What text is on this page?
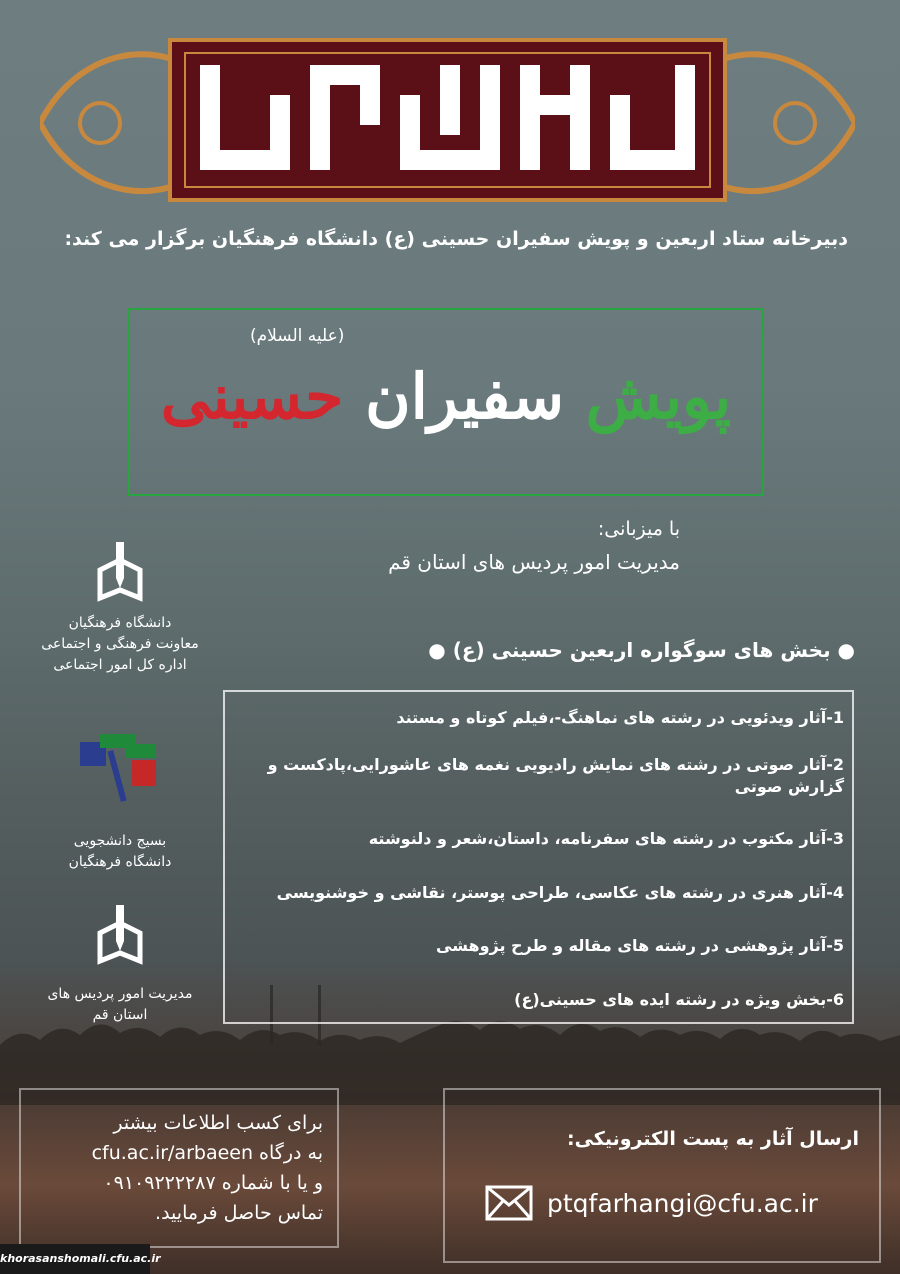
دبیرخانه ستاد اربعین و پویش سفیران حسینی (ع) دانشگاه فرهنگیان برگزار می کند:
(علیه السلام)
پویش سفیران حسینی
با میزبانی:
مدیریت امور پردیس های استان قم

دانشگاه فرهنگیان

معاونت فرهنگی و اجتماعی

اداره کل امور اجتماعی

بسیج دانشجویی

دانشگاه فرهنگیان

مدیریت امور پردیس های

استان قم

● بخش های سوگواره اربعین حسینی (ع) ●
1-آثار ویدئویی در رشته های نماهنگ-،فیلم کوتاه و مستند
2-آثار صوتی در رشته های نمایش رادیویی نغمه های عاشورایی،پادکست و گزارش صوتی
3-آثار مکتوب در رشته های سفرنامه، داستان،شعر و دلنوشته
4-آثار هنری در رشته های عکاسی، طراحی پوستر، نقاشی و خوشنویسی
5-آثار پژوهشی در رشته های مقاله و طرح پژوهشی
6-بخش ویژه در رشته ایده های حسینی(ع)

برای کسب اطلاعات بیشتر

به درگاه cfu.ac.ir/arbaeen

و یا با شماره ۰۹۱۰۹۲۲۲۲۸۷

تماس حاصل فرمایید.

ارسال آثار به پست الکترونیکی:
ptqfarhangi@cfu.ac.ir
khorasanshomali.cfu.ac.ir
